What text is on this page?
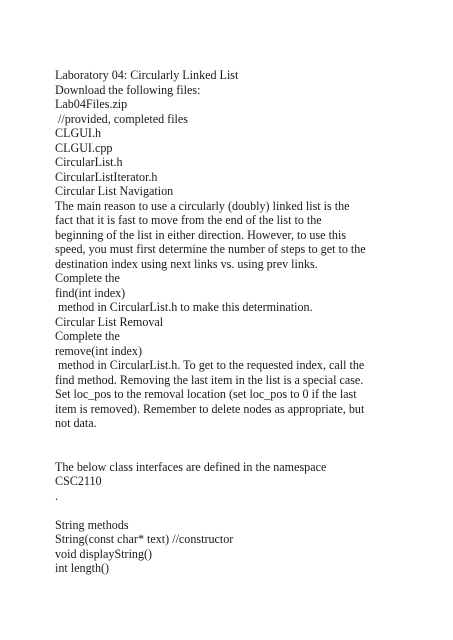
Laboratory 04: Circularly Linked List
Download the following files:
Lab04Files.zip
//provided, completed files
CLGUI.h
CLGUI.cpp
CircularList.h
CircularListIterator.h
Circular List Navigation
The main reason to use a circularly (doubly) linked list is the
fact that it is fast to move from the end of the list to the
beginning of the list in either direction. However, to use this
speed, you must first determine the number of steps to get to the
destination index using next links vs. using prev links.
Complete the
find(int index)
method in CircularList.h to make this determination.
Circular List Removal
Complete the
remove(int index)
method in CircularList.h. To get to the requested index, call the
find method. Removing the last item in the list is a special case.
Set loc_pos to the removal location (set loc_pos to 0 if the last
item is removed). Remember to delete nodes as appropriate, but
not data.
The below class interfaces are defined in the namespace
CSC2110
.
String methods
String(const char* text) //constructor
void displayString()
int length()
